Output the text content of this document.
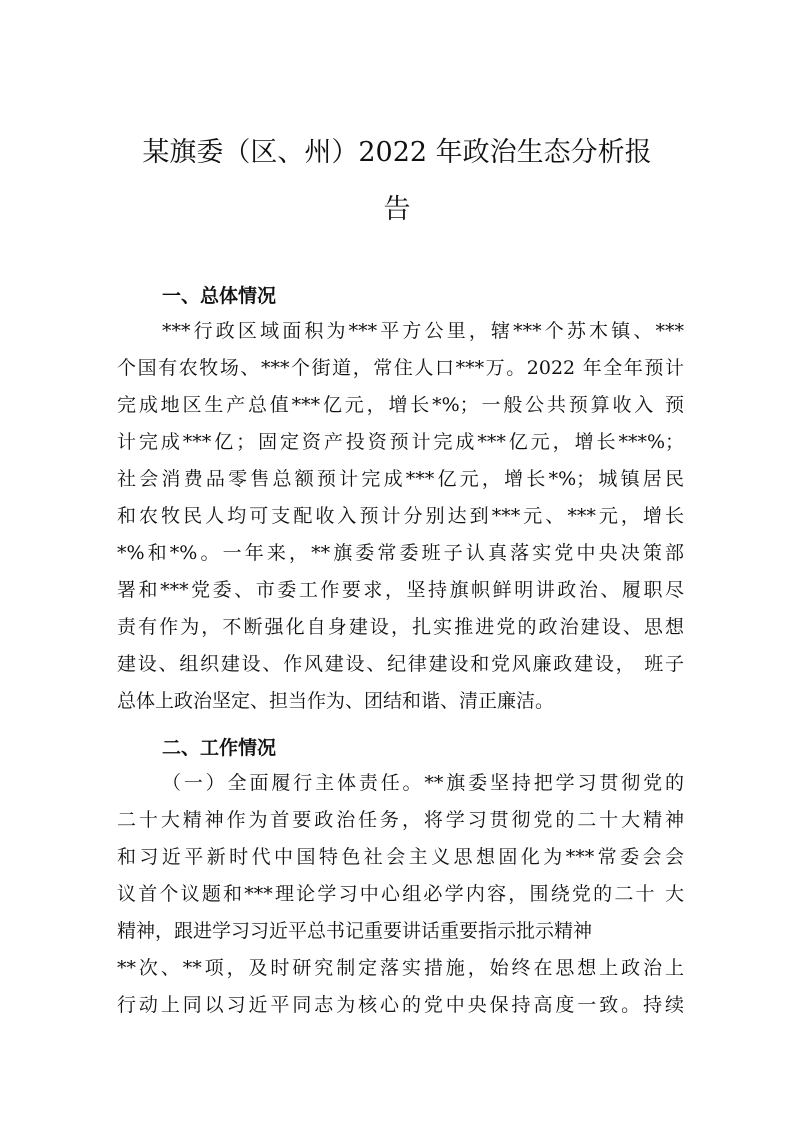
某旗委（区、州）2022 年政治生态分析报
告
一、总体情况
***行政区域面积为***平方公里，辖***个苏木镇、***
个国有农牧场、***个街道，常住人口***万。2022 年全年预计
完成地区生产总值***亿元，增长*%；一般公共预算收入 预
计完成***亿；固定资产投资预计完成***亿元，增长***%；
社会消费品零售总额预计完成***亿元，增长*%；城镇居民
和农牧民人均可支配收入预计分别达到***元、***元，增长
*%和*%。一年来，**旗委常委班子认真落实党中央决策部
署和***党委、市委工作要求，坚持旗帜鲜明讲政治、履职尽
责有作为，不断强化自身建设，扎实推进党的政治建设、思想
建设、组织建设、作风建设、纪律建设和党风廉政建设， 班子
总体上政治坚定、担当作为、团结和谐、清正廉洁。
二、工作情况
（一）全面履行主体责任。**旗委坚持把学习贯彻党的
二十大精神作为首要政治任务，将学习贯彻党的二十大精神
和习近平新时代中国特色社会主义思想固化为***常委会会
议首个议题和***理论学习中心组必学内容，围绕党的二十 大
精神，跟进学习习近平总书记重要讲话重要指示批示精神
**次、**项，及时研究制定落实措施，始终在思想上政治上
行动上同以习近平同志为核心的党中央保持高度一致。持续
